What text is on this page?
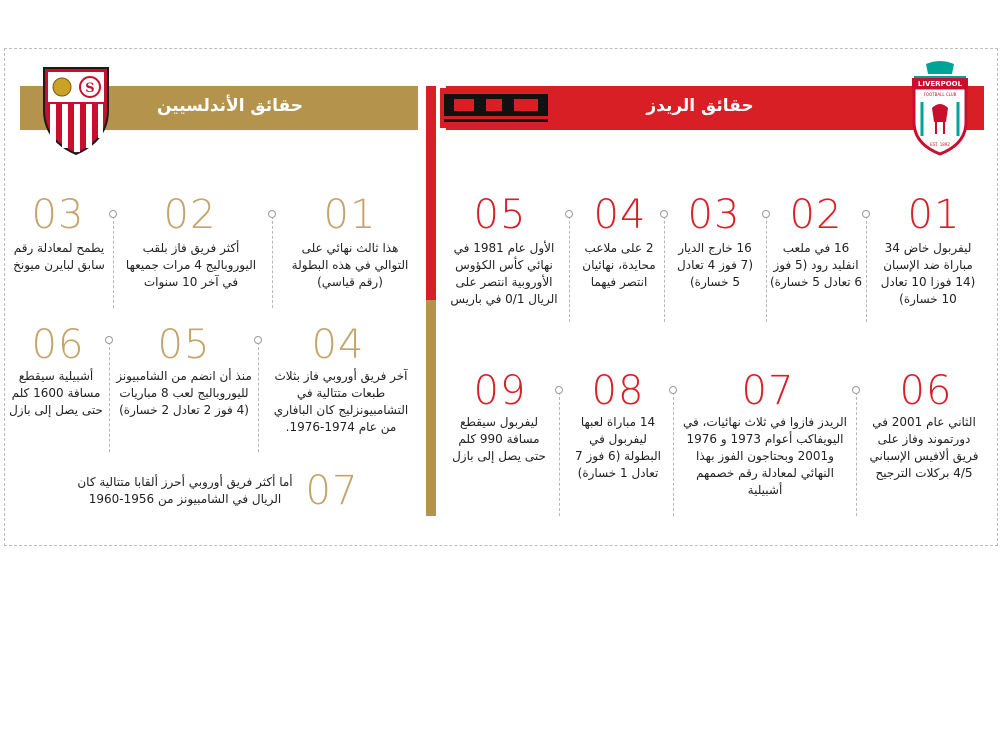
حقائق الأندلسيين	حقائق الريدز
مكة
S	LIVERPOOL
FOOTBALL CLUB
EST. 1892
01
هذا ثالث نهائي على التوالي في هذه البطولة (رقم قياسي)
02
أكثر فريق فاز بلقب اليوروباليج 4 مرات جميعها في آخر 10 سنوات
03
يطمح لمعادلة رقم سابق لبايرن ميونخ
04
آخر فريق أوروبي فاز بثلاث طبعات متتالية في التشامبيونزليج كان البافاري من عام 1974-1976.
05
منذ أن انضم من الشامبيونز لليوروباليج لعب 8 مباريات (4 فوز 2 تعادل 2 خسارة)
06
أشبيلية سيقطع مسافة 1600 كلم حتى يصل إلى بازل
07
أما أكثر فريق أوروبي أحرز ألقابا متتالية كان الريال في الشامبيونز من 1956-1960
01
ليفربول خاض 34 مباراة ضد الإسبان (14 فوزا 10 تعادل 10 خسارة)
02
16 في ملعب انفليد رود (5 فوز 6 تعادل 5 خسارة)
03
16 خارج الديار (7 فوز 4 تعادل 5 خسارة)
04
2 على ملاعب محايدة، نهائيان انتصر فيهما
05
الأول عام 1981 في نهائي كأس الكؤوس الأوروبية انتصر على الريال 0/1 في باريس
06
الثاني عام 2001 في دورتموند وفاز على فريق ألافيس الإسباني 4/5 بركلات الترجيح
07
الريدز فازوا في ثلاث نهائيات، في اليويفاكب أعوام 1973 و 1976 و2001 وبحتاجون الفوز بهذا النهائي لمعادلة رقم خصمهم أشبيلية
08
14 مباراة لعبها ليفربول في البطولة (6 فوز 7 تعادل 1 خسارة)
09
ليفربول سيقطع مسافة 990 كلم حتى يصل إلى بازل
